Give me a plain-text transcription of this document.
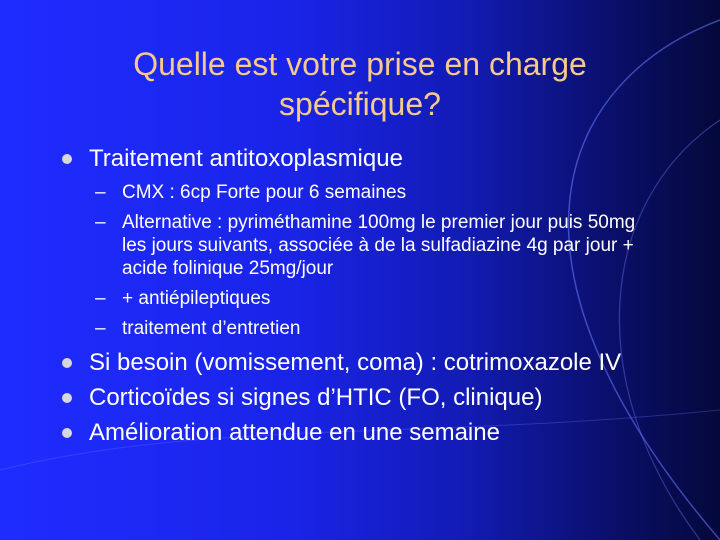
Quelle est votre prise en charge
spécifique?
Traitement antitoxoplasmique
– CMX : 6cp Forte pour 6 semaines
– Alternative : pyriméthamine 100mg le premier jour puis 50mg les jours suivants, associée à de la sulfadiazine 4g par jour + acide folinique 25mg/jour
– + antiépileptiques
– traitement d’entretien
Si besoin (vomissement, coma) : cotrimoxazole IV
Corticoïdes si signes d’HTIC (FO, clinique)
Amélioration attendue en une semaine
